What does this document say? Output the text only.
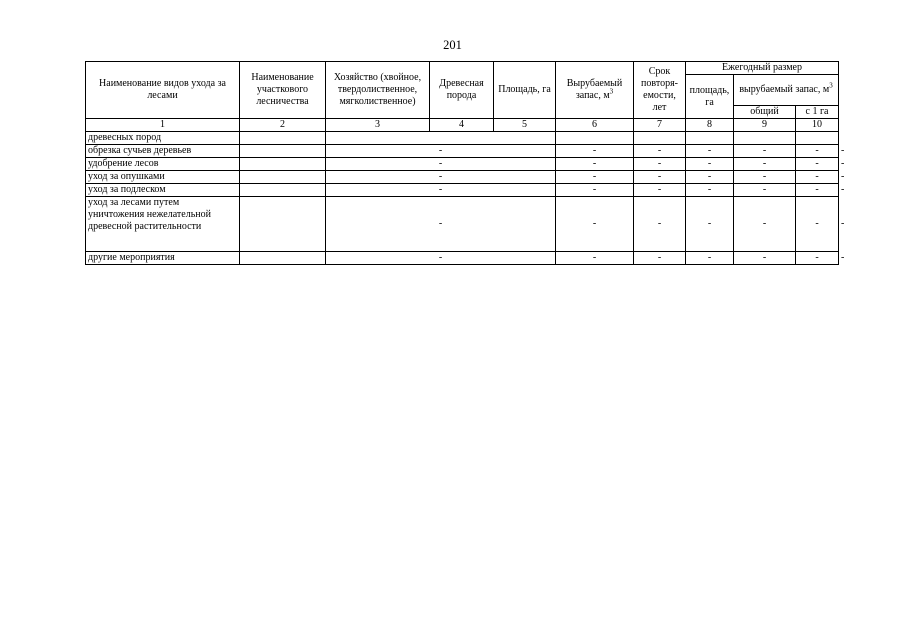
201
Наименование видов ухода за лесами	Наименование участкового лесничества	Хозяйство (хвойное, твердолиственное, мягколиственное)	Древесная порода	Площадь, га	Вырубаемый запас, $м^3$	Срок повторя-емости, лет	Ежегодный размер			
							площадь, га	вырубаемый запас, $м^3$
								общий	с 1 га	
1	2	3	4	5	6	7	8	9	10	
древесных пород										
обрезка сучьев деревьев		-			-	-	-	-	-	-
удобрение лесов		-			-	-	-	-	-	-
уход за опушками		-			-	-	-	-	-	-
уход за подлеском		-			-	-	-	-	-	-
уход за лесами путем уничтожения нежелательной древесной растительности		-			-	-	-	-	-	-
другие мероприятия		-			-	-	-	-	-	-
